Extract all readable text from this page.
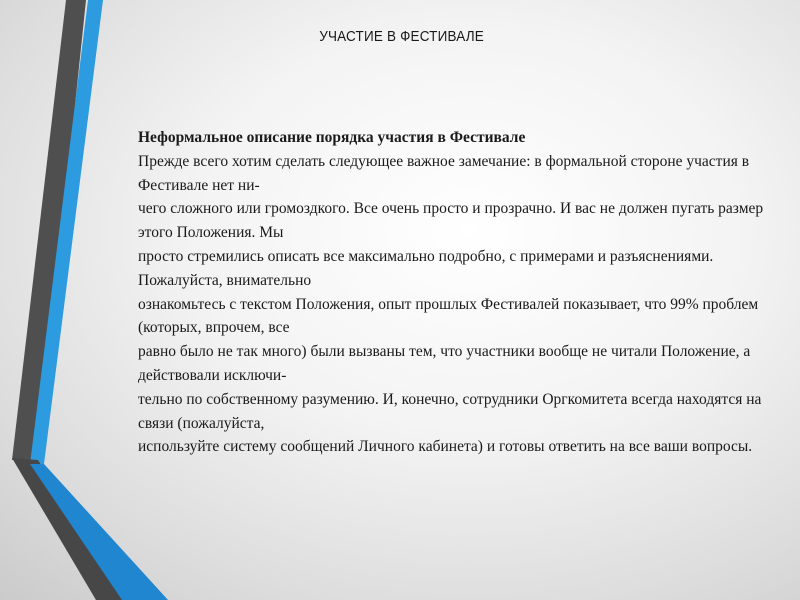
УЧАСТИЕ В ФЕСТИВАЛЕ

Неформальное описание порядка участия в Фестивале

Прежде всего хотим сделать следующее важное замечание: в формальной стороне участия в Фестивале нет ни-

чего сложного или громоздкого. Все очень просто и прозрачно. И вас не должен пугать размер этого Положения. Мы

просто стремились описать все максимально подробно, с примерами и разъяснениями. Пожалуйста, внимательно

ознакомьтесь с текстом Положения, опыт прошлых Фестивалей показывает, что 99% проблем (которых, впрочем, все

равно было не так много) были вызваны тем, что участники вообще не читали Положение, а действовали исключи-

тельно по собственному разумению. И, конечно, сотрудники Оргкомитета всегда находятся на связи (пожалуйста,

используйте систему сообщений Личного кабинета) и готовы ответить на все ваши вопросы.
